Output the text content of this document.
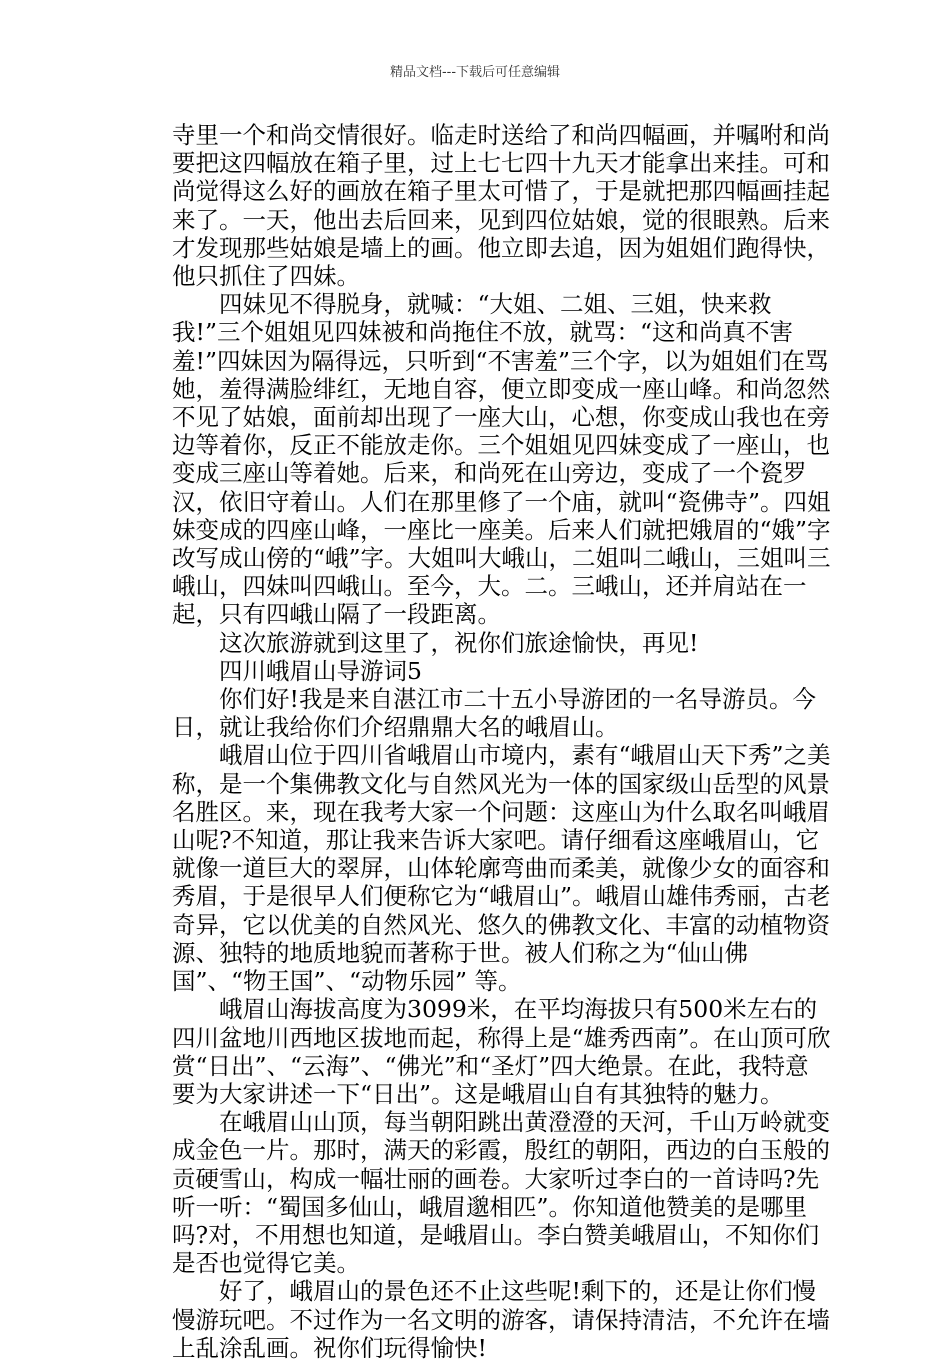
精品文档---下载后可任意编辑

寺里一个和尚交情很好。临走时送给了和尚四幅画，并嘱咐和尚要把这四幅放在箱子里，过上七七四十九天才能拿出来挂。可和尚觉得这么好的画放在箱子里太可惜了，于是就把那四幅画挂起来了。一天，他出去后回来，见到四位姑娘，觉的很眼熟。后来才发现那些姑娘是墙上的画。他立即去追，因为姐姐们跑得快，他只抓住了四妹。

四妹见不得脱身，就喊：“大姐、二姐、三姐，快来救我!”三个姐姐见四妹被和尚拖住不放，就骂：“这和尚真不害羞!”四妹因为隔得远，只听到“不害羞”三个字，以为姐姐们在骂她，羞得满脸绯红，无地自容，便立即变成一座山峰。和尚忽然不见了姑娘，面前却出现了一座大山，心想，你变成山我也在旁边等着你，反正不能放走你。三个姐姐见四妹变成了一座山，也变成三座山等着她。后来，和尚死在山旁边，变成了一个瓷罗汉，依旧守着山。人们在那里修了一个庙，就叫“瓷佛寺”。四姐妹变成的四座山峰，一座比一座美。后来人们就把娥眉的“娥”字改写成山傍的“峨”字。大姐叫大峨山，二姐叫二峨山，三姐叫三峨山，四妹叫四峨山。至今，大。二。三峨山，还并肩站在一起，只有四峨山隔了一段距离。

这次旅游就到这里了，祝你们旅途愉快，再见!

四川峨眉山导游词5

你们好!我是来自湛江市二十五小导游团的一名导游员。今日，就让我给你们介绍鼎鼎大名的峨眉山。

峨眉山位于四川省峨眉山市境内，素有“峨眉山天下秀”之美称，是一个集佛教文化与自然风光为一体的国家级山岳型的风景名胜区。来，现在我考大家一个问题：这座山为什么取名叫峨眉山呢?不知道，那让我来告诉大家吧。请仔细看这座峨眉山，它就像一道巨大的翠屏，山体轮廓弯曲而柔美，就像少女的面容和秀眉，于是很早人们便称它为“峨眉山”。峨眉山雄伟秀丽，古老奇异，它以优美的自然风光、悠久的佛教文化、丰富的动植物资源、独特的地质地貌而著称于世。被人们称之为“仙山佛国”、“物王国”、“动物乐园” 等。

峨眉山海拔高度为3099米，在平均海拔只有500米左右的四川盆地川西地区拔地而起，称得上是“雄秀西南”。在山顶可欣赏“日出”、“云海”、“佛光”和“圣灯”四大绝景。在此，我特意要为大家讲述一下“日出”。这是峨眉山自有其独特的魅力。

在峨眉山山顶，每当朝阳跳出黄澄澄的天河，千山万岭就变成金色一片。那时，满天的彩霞，殷红的朝阳，西边的白玉般的贡硬雪山，构成一幅壮丽的画卷。大家听过李白的一首诗吗?先听一听：“蜀国多仙山，峨眉邈相匹”。你知道他赞美的是哪里吗?对，不用想也知道，是峨眉山。李白赞美峨眉山，不知你们是否也觉得它美。

好了，峨眉山的景色还不止这些呢!剩下的，还是让你们慢慢游玩吧。不过作为一名文明的游客，请保持清洁，不允许在墙上乱涂乱画。祝你们玩得愉快!
